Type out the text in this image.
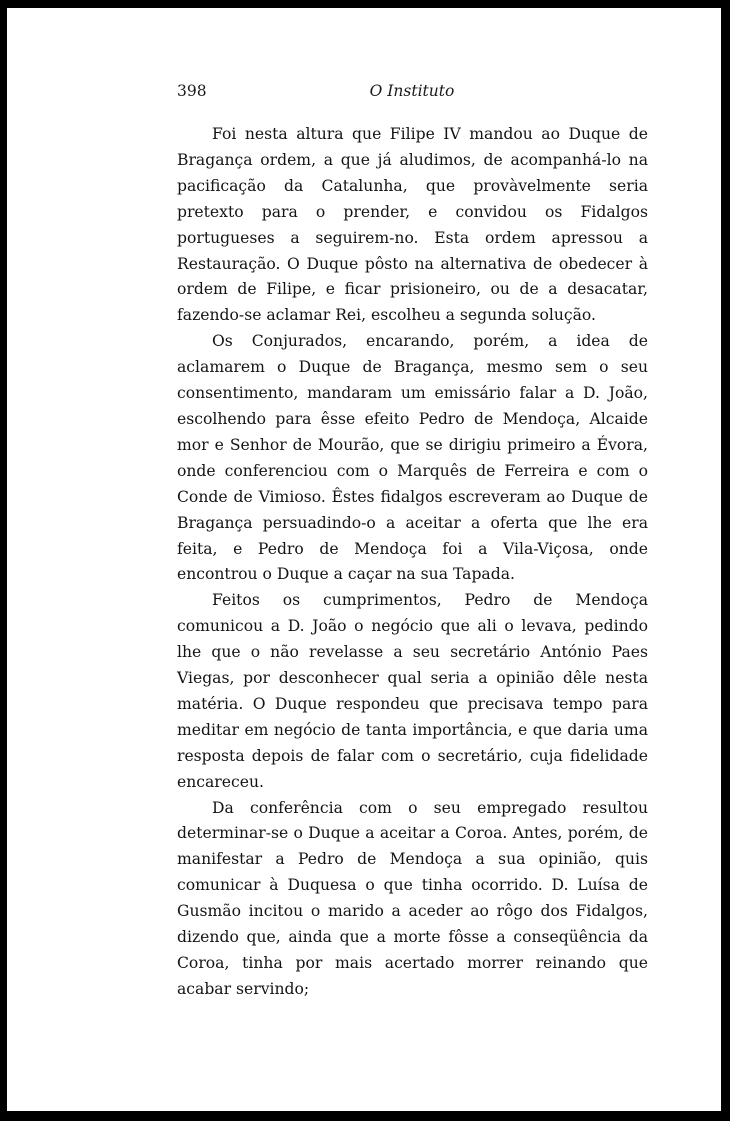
398	O Instituto

Foi nesta altura que Filipe IV mandou ao Duque de Bragança ordem, a que já aludimos, de acompanhá-lo na pacificação da Catalunha, que provàvelmente seria pretexto para o prender, e convidou os Fidalgos portugueses a seguirem-no. Esta ordem apressou a Restauração. O Duque pôsto na alternativa de obedecer à ordem de Filipe, e ficar prisioneiro, ou de a desacatar, fazendo-se aclamar Rei, escolheu a segunda solução.

Os Conjurados, encarando, porém, a idea de aclamarem o Duque de Bragança, mesmo sem o seu consentimento, mandaram um emissário falar a D. João, escolhendo para êsse efeito Pedro de Mendoça, Alcaide mor e Senhor de Mourão, que se dirigiu primeiro a Évora, onde conferenciou com o Marquês de Ferreira e com o Conde de Vimioso. Êstes fidalgos escreveram ao Duque de Bragança persuadindo-o a aceitar a oferta que lhe era feita, e Pedro de Mendoça foi a Vila-Viçosa, onde encontrou o Duque a caçar na sua Tapada.

Feitos os cumprimentos, Pedro de Mendoça comunicou a D. João o negócio que ali o levava, pedindo lhe que o não revelasse a seu secretário António Paes Viegas, por desconhecer qual seria a opinião dêle nesta matéria. O Duque respondeu que precisava tempo para meditar em negócio de tanta importância, e que daria uma resposta depois de falar com o secretário, cuja fidelidade encareceu.

Da conferência com o seu empregado resultou determinar-se o Duque a aceitar a Coroa. Antes, porém, de manifestar a Pedro de Mendoça a sua opinião, quis comunicar à Duquesa o que tinha ocorrido. D. Luísa de Gusmão incitou o marido a aceder ao rôgo dos Fidalgos, dizendo que, ainda que a morte fôsse a conseqüência da Coroa, tinha por mais acertado morrer reinando que acabar servindo;
